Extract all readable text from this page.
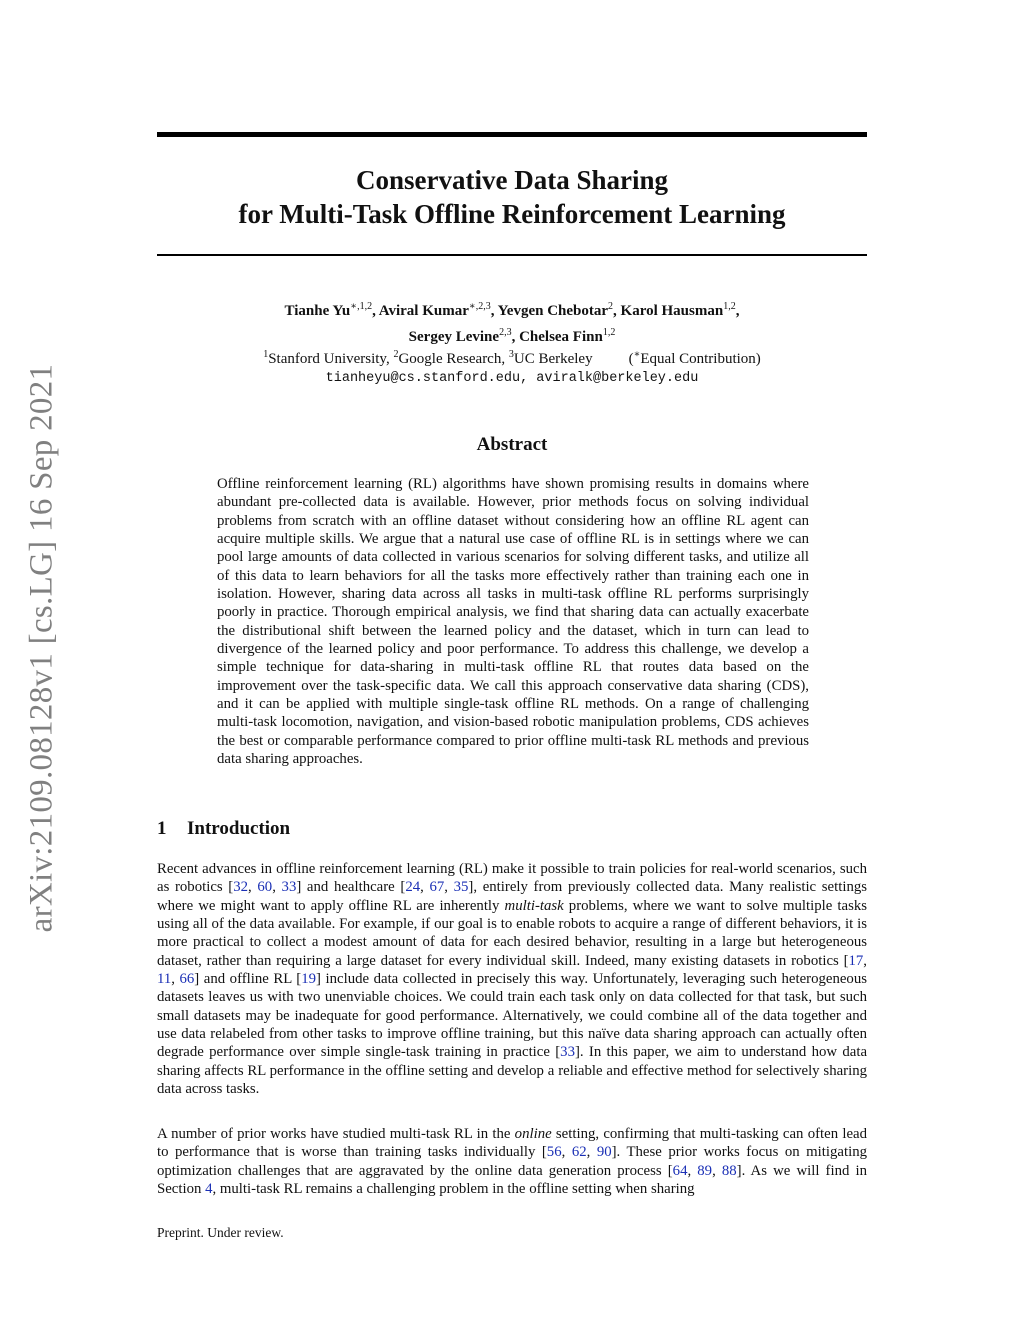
arXiv:2109.08128v1 [cs.LG] 16 Sep 2021
Conservative Data Sharing
for Multi-Task Offline Reinforcement Learning
Tianhe $Yu^{∗,1,2}$, Aviral Kumar$^{∗,2,3}$, Yevgen Chebotar$^2$, Karol Hausman$^{1,2}$,
Sergey Levine$^{2,3}$, Chelsea Finn$^{1,2}$
$^1$Stanford University, $^2$Google Research, $^3$UC Berkeley (∗Equal Contribution)
tianheyu@cs.stanford.edu, aviralk@berkeley.edu
Abstract
Offline reinforcement learning (RL) algorithms have shown promising results in domains where abundant pre-collected data is available. However, prior methods focus on solving individual problems from scratch with an offline dataset without considering how an offline RL agent can acquire multiple skills. We argue that a natural use case of offline RL is in settings where we can pool large amounts of data collected in various scenarios for solving different tasks, and utilize all of this data to learn behaviors for all the tasks more effectively rather than training each one in isolation. However, sharing data across all tasks in multi-task offline RL performs surprisingly poorly in practice. Thorough empirical analysis, we find that sharing data can actually exacerbate the distributional shift between the learned policy and the dataset, which in turn can lead to divergence of the learned policy and poor performance. To address this challenge, we develop a simple technique for data-sharing in multi-task offline RL that routes data based on the improvement over the task-specific data. We call this approach conservative data sharing (CDS), and it can be applied with multiple single-task offline RL methods. On a range of challenging multi-task locomotion, navigation, and vision-based robotic manipulation problems, CDS achieves the best or comparable performance compared to prior offline multi-task RL methods and previous data sharing approaches.
1 Introduction
Recent advances in offline reinforcement learning (RL) make it possible to train policies for real-world scenarios, such as robotics [32, 60, 33] and healthcare [24, 67, 35], entirely from previously collected data. Many realistic settings where we might want to apply offline RL are inherently multi-task problems, where we want to solve multiple tasks using all of the data available. For example, if our goal is to enable robots to acquire a range of different behaviors, it is more practical to collect a modest amount of data for each desired behavior, resulting in a large but heterogeneous dataset, rather than requiring a large dataset for every individual skill. Indeed, many existing datasets in robotics [17, 11, 66] and offline RL [19] include data collected in precisely this way. Unfortunately, leveraging such heterogeneous datasets leaves us with two unenviable choices. We could train each task only on data collected for that task, but such small datasets may be inadequate for good performance. Alternatively, we could combine all of the data together and use data relabeled from other tasks to improve offline training, but this naïve data sharing approach can actually often degrade performance over simple single-task training in practice [33]. In this paper, we aim to understand how data sharing affects RL performance in the offline setting and develop a reliable and effective method for selectively sharing data across tasks.
A number of prior works have studied multi-task RL in the online setting, confirming that multi-tasking can often lead to performance that is worse than training tasks individually [56, 62, 90]. These prior works focus on mitigating optimization challenges that are aggravated by the online data generation process [64, 89, 88]. As we will find in Section 4, multi-task RL remains a challenging problem in the offline setting when sharing
Preprint. Under review.
